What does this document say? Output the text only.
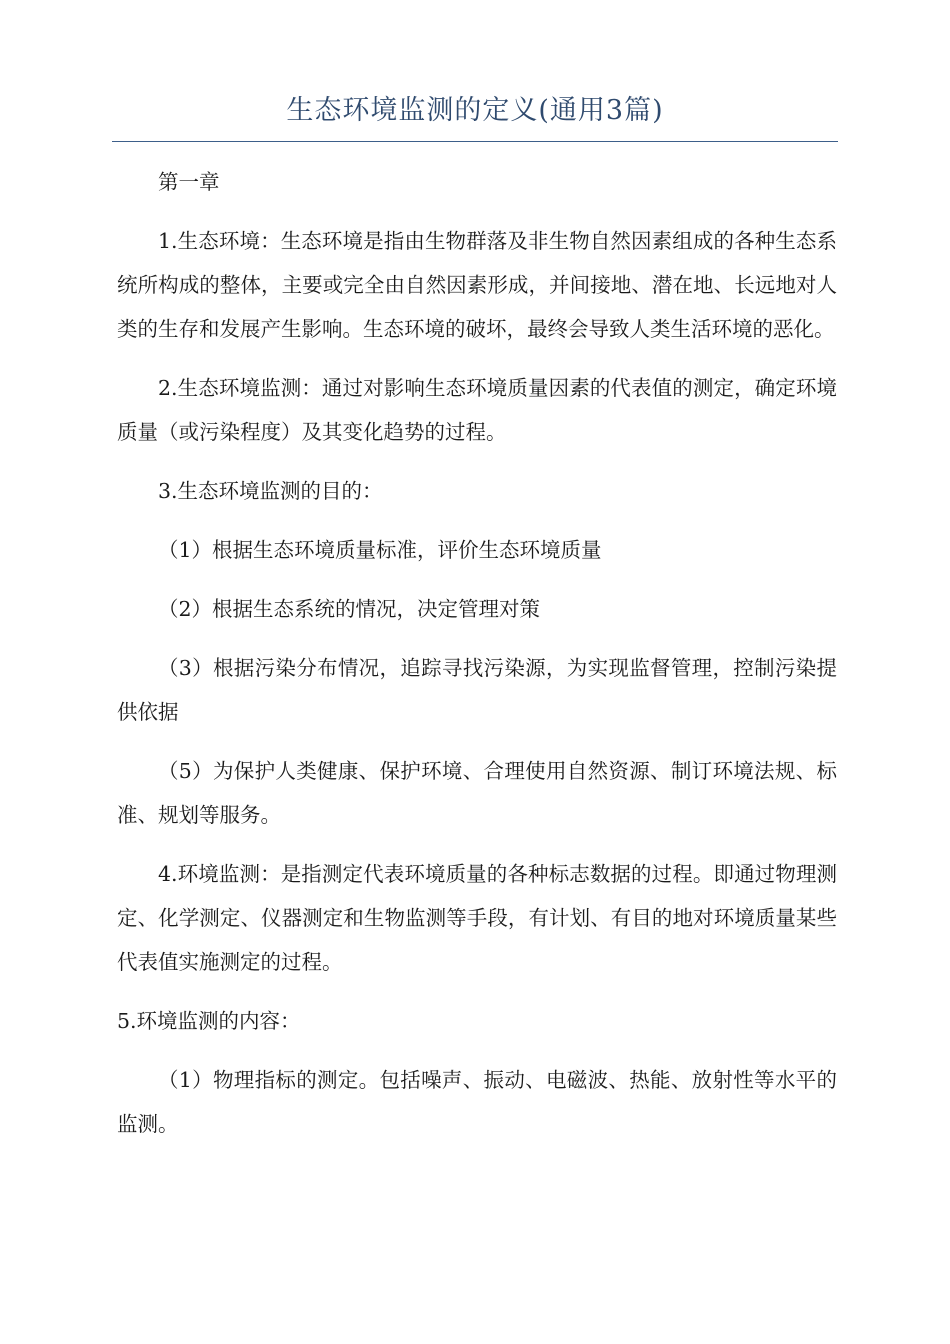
生态环境监测的定义(通用3篇)

第一章

1.生态环境：生态环境是指由生物群落及非生物自然因素组成的各种生态系统所构成的整体，主要或完全由自然因素形成，并间接地、潜在地、长远地对人类的生存和发展产生影响。生态环境的破坏，最终会导致人类生活环境的恶化。

2.生态环境监测：通过对影响生态环境质量因素的代表值的测定，确定环境质量（或污染程度）及其变化趋势的过程。

3.生态环境监测的目的：

（1）根据生态环境质量标准，评价生态环境质量

（2）根据生态系统的情况，决定管理对策

（3）根据污染分布情况，追踪寻找污染源，为实现监督管理，控制污染提供依据

（5）为保护人类健康、保护环境、合理使用自然资源、制订环境法规、标准、规划等服务。

4.环境监测：是指测定代表环境质量的各种标志数据的过程。即通过物理测定、化学测定、仪器测定和生物监测等手段，有计划、有目的地对环境质量某些代表值实施测定的过程。

5.环境监测的内容：

（1）物理指标的测定。包括噪声、振动、电磁波、热能、放射性等水平的监测。
